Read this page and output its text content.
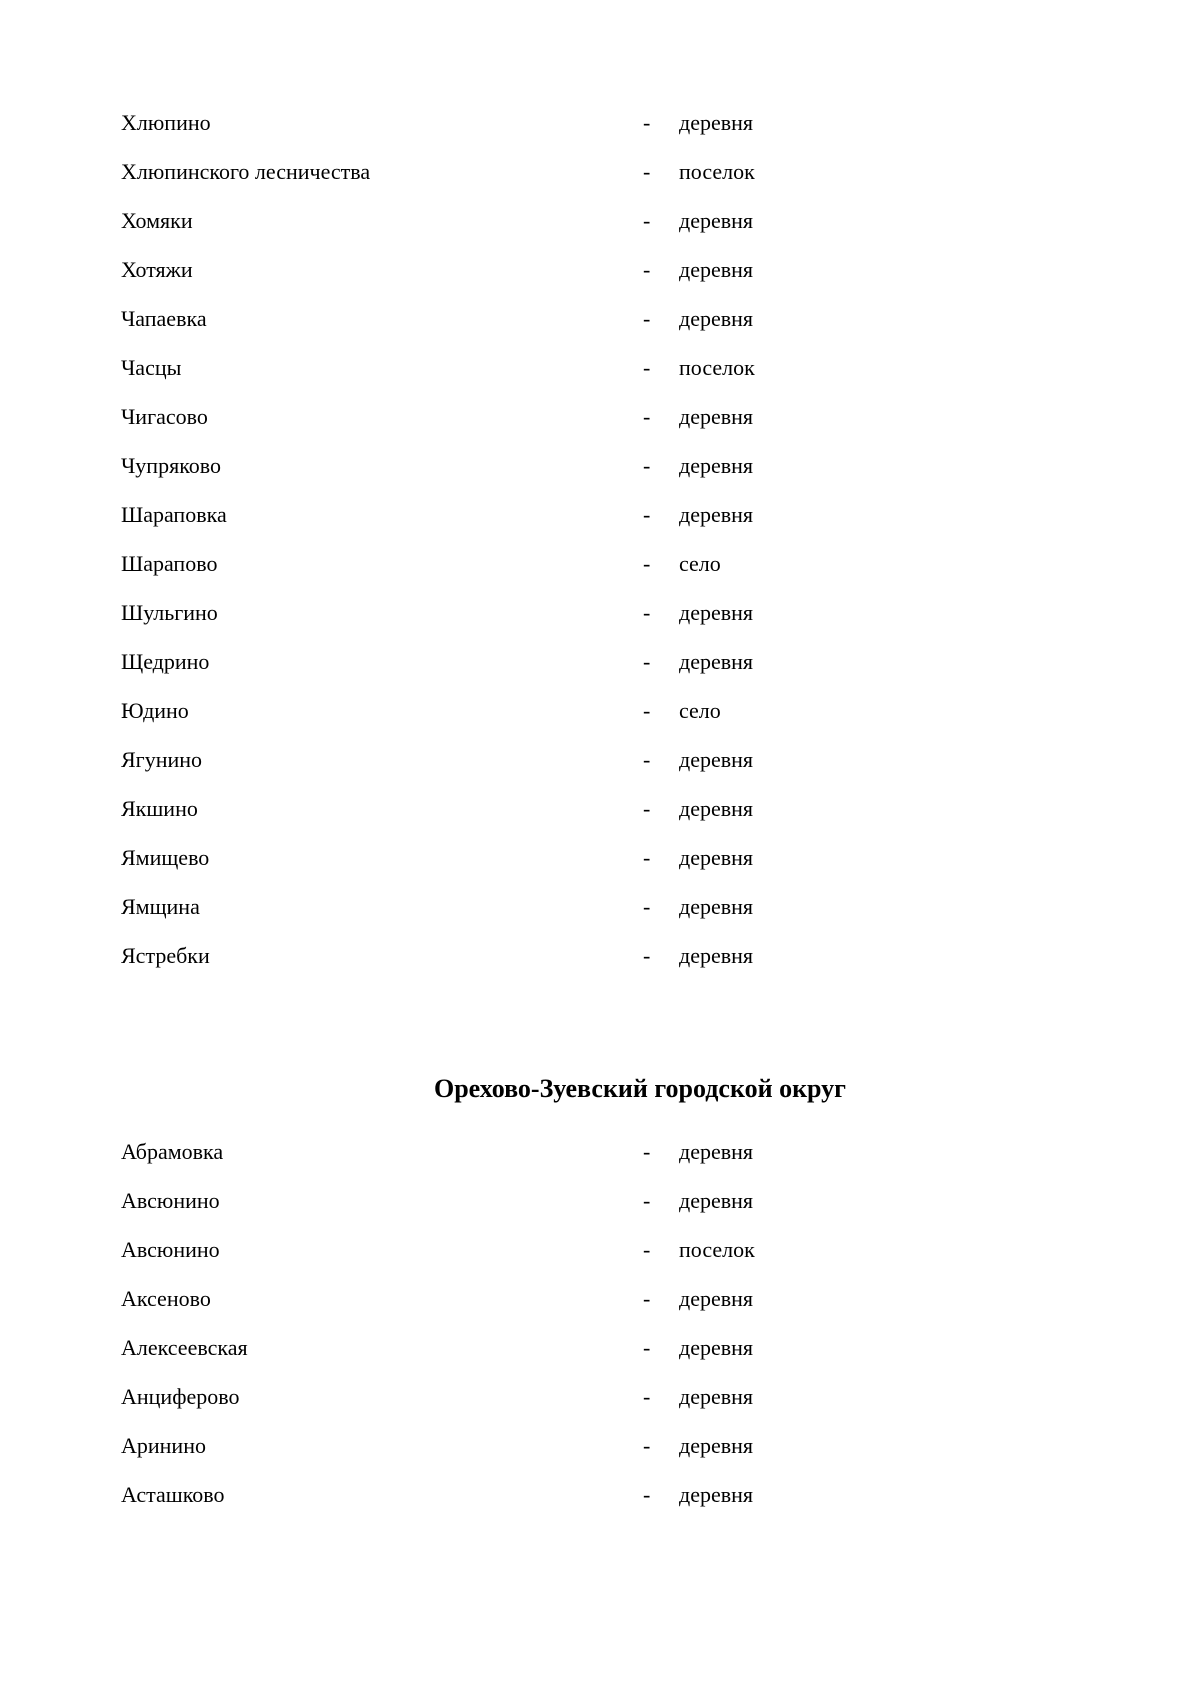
Хлюпино	- деревня
Хлюпинского лесничества	- поселок
Хомяки	- деревня
Хотяжи	- деревня
Чапаевка	- деревня
Часцы	- поселок
Чигасово	- деревня
Чупряково	- деревня
Шараповка	- деревня
Шарапово	- село
Шульгино	- деревня
Щедрино	- деревня
Юдино	- село
Ягунино	- деревня
Якшино	- деревня
Ямищево	- деревня
Ямщина	- деревня
Ястребки	- деревня
Орехово-Зуевский городской округ
Абрамовка	- деревня
Авсюнино	- деревня
Авсюнино	- поселок
Аксеново	- деревня
Алексеевская	- деревня
Анциферово	- деревня
Аринино	- деревня
Асташково	- деревня
